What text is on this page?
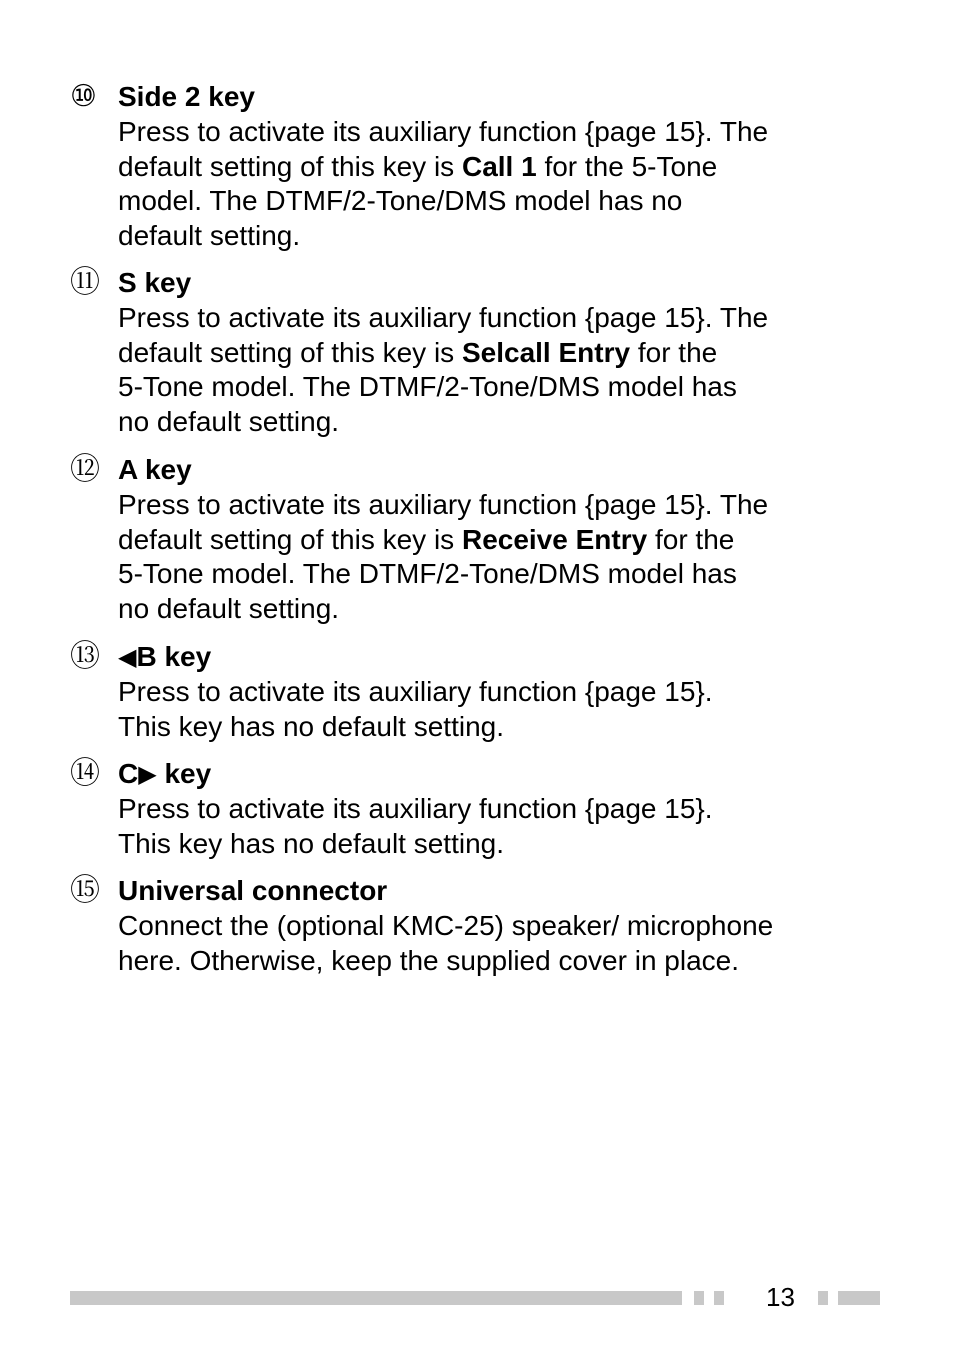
⑩ Side 2 key
Press to activate its auxiliary function {page 15}. The
default setting of this key is Call 1 for the 5-Tone
model. The DTMF/2-Tone/DMS model has no
default setting.
⑪ S key
Press to activate its auxiliary function {page 15}. The
default setting of this key is Selcall Entry for the
5-Tone model. The DTMF/2-Tone/DMS model has
no default setting.
⑫ A key
Press to activate its auxiliary function {page 15}. The
default setting of this key is Receive Entry for the
5-Tone model. The DTMF/2-Tone/DMS model has
no default setting.
⑬ ◀B key
Press to activate its auxiliary function {page 15}.
This key has no default setting.
⑭ C▶ key
Press to activate its auxiliary function {page 15}.
This key has no default setting.
⑮ Universal connector
Connect the (optional KMC-25) speaker/ microphone
here. Otherwise, keep the supplied cover in place.
13
